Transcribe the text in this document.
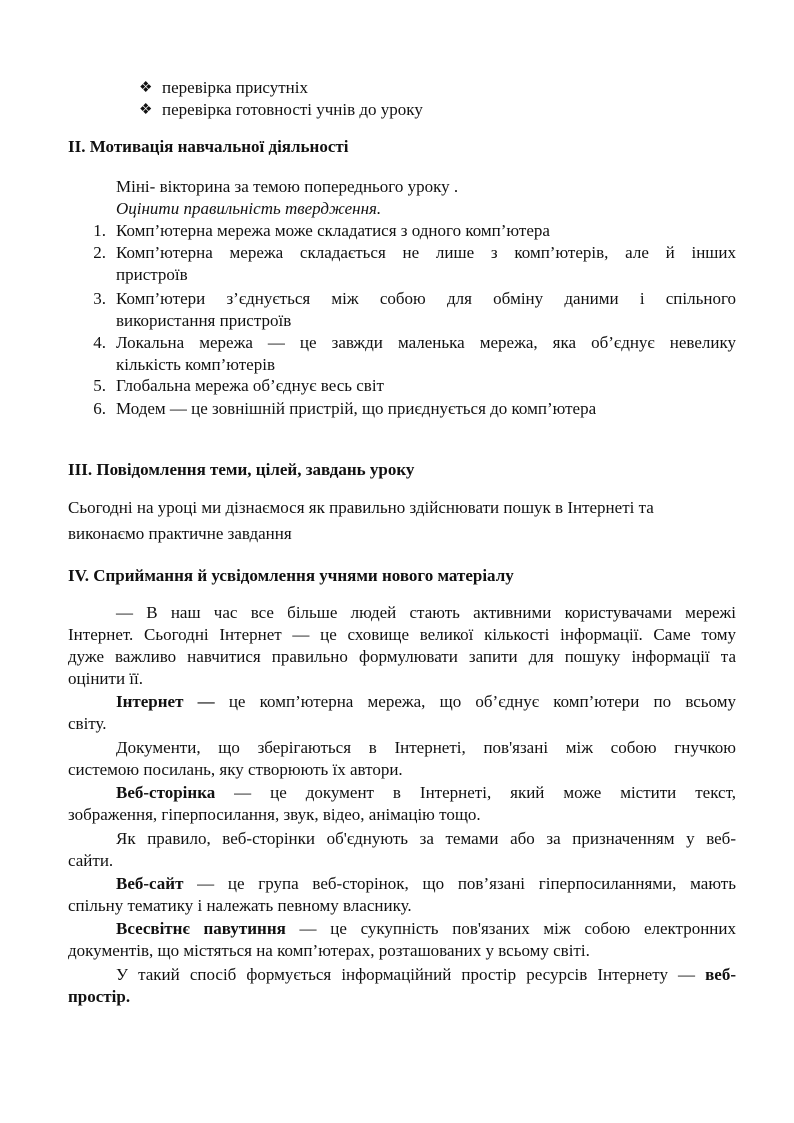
❖ перевірка присутніх
❖ перевірка готовності учнів до уроку
ІІ. Мотивація навчальної діяльності
Міні- вікторина за темою попереднього уроку .
Оцінити правильність твердження.
1. Комп’ютерна мережа може складатися з одного комп’ютера
2. Комп’ютерна мережа складається не лише з комп’ютерів, але й інших
пристроїв
3. Комп’ютери з’єднується між собою для обміну даними і спільного
використання пристроїв
4. Локальна мережа — це завжди маленька мережа, яка об’єднує невелику
кількість комп’ютерів
5. Глобальна мережа об’єднує весь світ
6. Модем — це зовнішній пристрій, що приєднується до комп’ютера
ІІІ. Повідомлення теми, цілей, завдань уроку
Сьогодні на уроці ми дізнаємося як правильно здійснювати пошук в Інтернеті та
виконаємо практичне завдання
IV. Сприймання й усвідомлення учнями нового матеріалу
— В наш час все більше людей стають активними користувачами мережі
Інтернет. Сьогодні Інтернет — це сховище великої кількості інформації. Саме тому
дуже важливо навчитися правильно формулювати запити для пошуку інформації та
оцінити її.
Інтернет — це комп’ютерна мережа, що об’єднує комп’ютери по всьому
світу.
Документи, що зберігаються в Інтернеті, пов'язані між собою гнучкою
системою посилань, яку створюють їх автори.
Веб-сторінка — це документ в Інтернеті, який може містити текст,
зображення, гіперпосилання, звук, відео, анімацію тощо.
Як правило, веб-сторінки об'єднують за темами або за призначенням у веб-
сайти.
Веб-сайт — це група веб-сторінок, що пов’язані гіперпосиланнями, мають
спільну тематику і належать певному власнику.
Всесвітнє павутиння — це сукупність пов'язаних між собою електронних
документів, що містяться на комп’ютерах, розташованих у всьому світі.
У такий спосіб формується інформаційний простір ресурсів Інтернету — веб-
простір.
